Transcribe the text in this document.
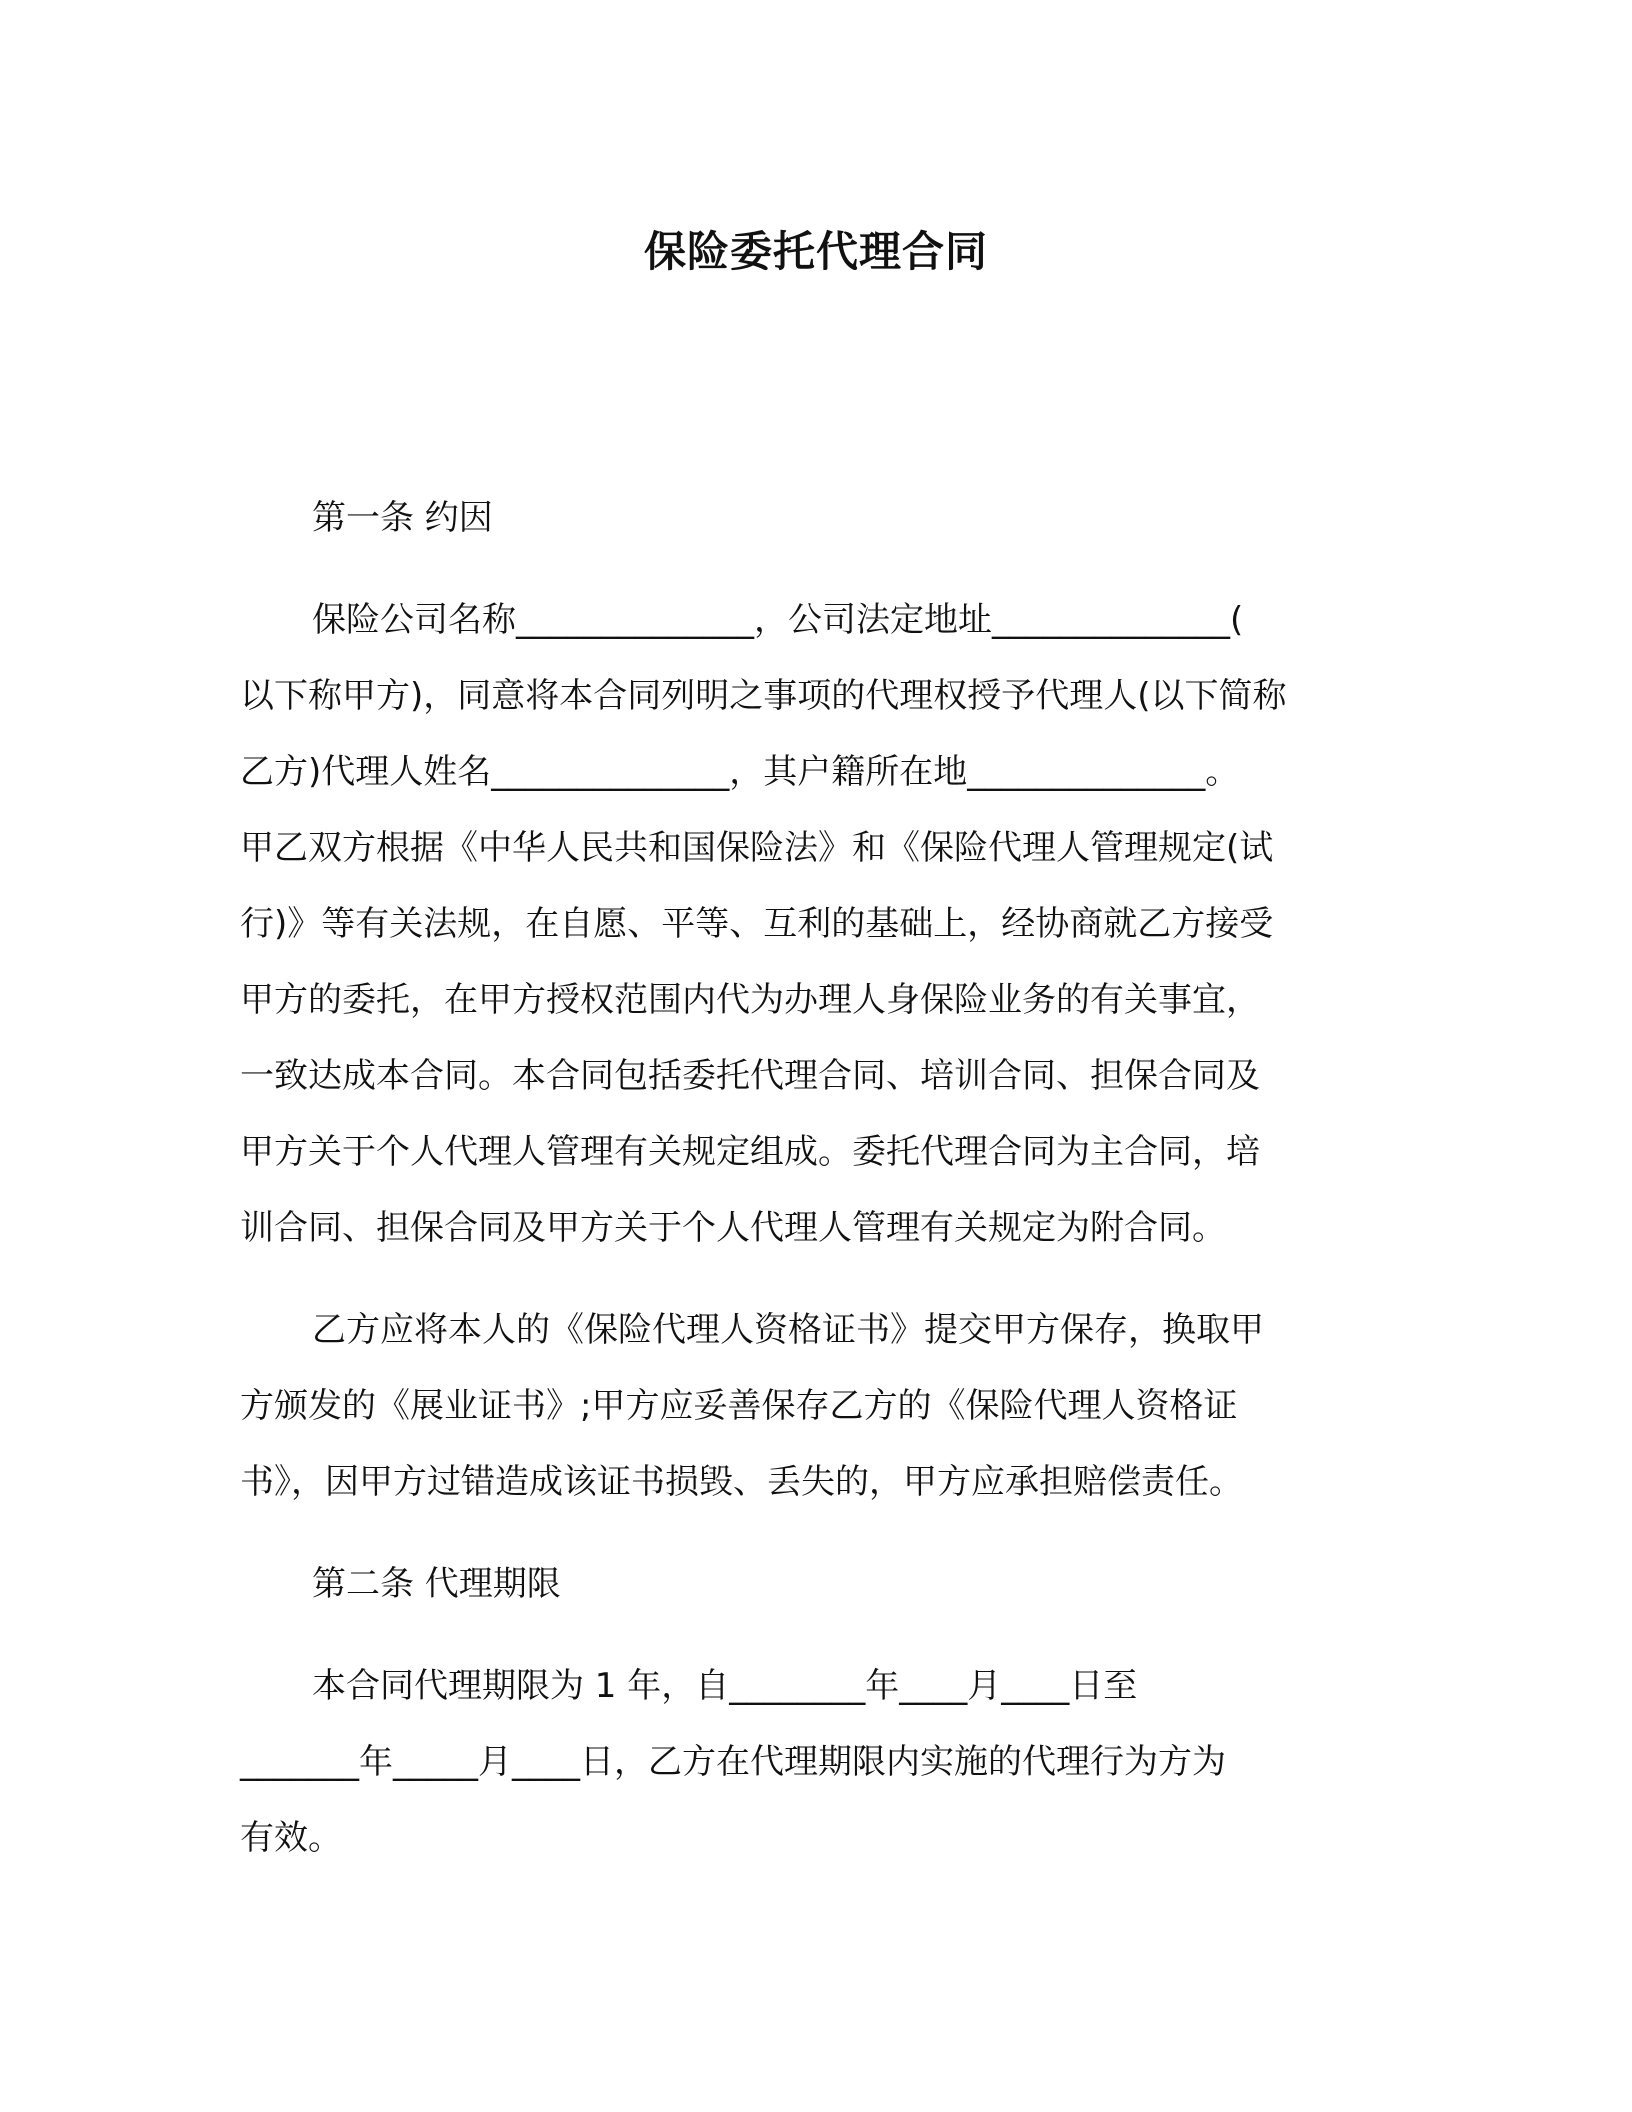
保险委托代理合同
第一条 约因
保险公司名称______________，公司法定地址______________(
以下称甲方)，同意将本合同列明之事项的代理权授予代理人(以下简称
乙方)代理人姓名______________，其户籍所在地______________。
甲乙双方根据《中华人民共和国保险法》和《保险代理人管理规定(试
行)》等有关法规，在自愿、平等、互利的基础上，经协商就乙方接受
甲方的委托，在甲方授权范围内代为办理人身保险业务的有关事宜，
一致达成本合同。本合同包括委托代理合同、培训合同、担保合同及
甲方关于个人代理人管理有关规定组成。委托代理合同为主合同，培
训合同、担保合同及甲方关于个人代理人管理有关规定为附合同。
乙方应将本人的《保险代理人资格证书》提交甲方保存，换取甲
方颁发的《展业证书》;甲方应妥善保存乙方的《保险代理人资格证
书》，因甲方过错造成该证书损毁、丢失的，甲方应承担赔偿责任。
第二条 代理期限
本合同代理期限为 1 年，自________年____月____日至
_______年_____月____日，乙方在代理期限内实施的代理行为方为
有效。
